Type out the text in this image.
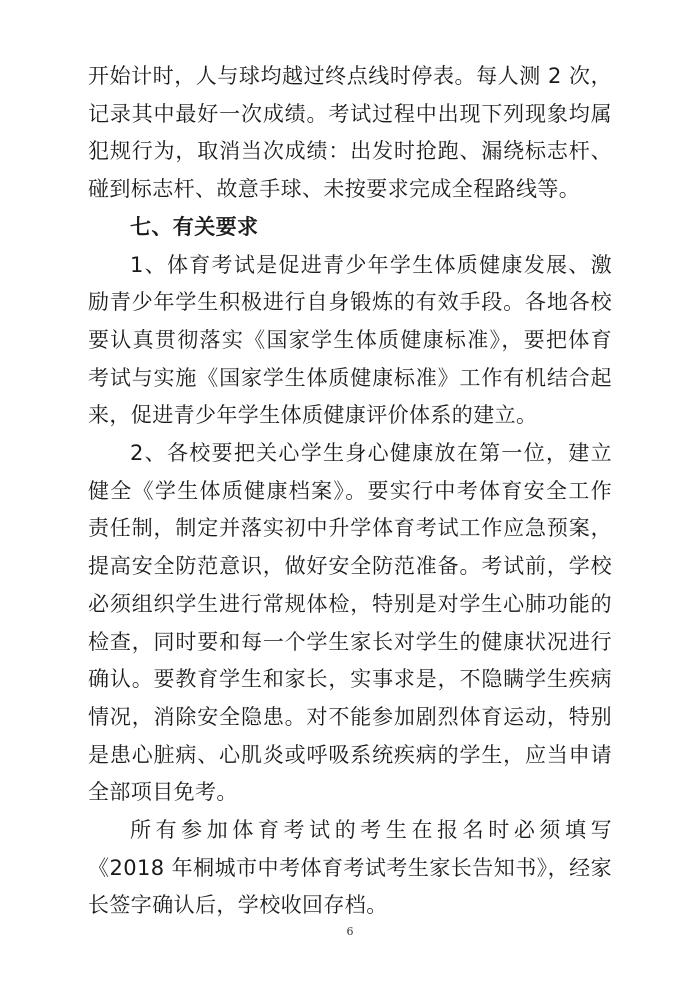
开始计时，人与球均越过终点线时停表。每人测 2 次，记录其中最好一次成绩。考试过程中出现下列现象均属犯规行为，取消当次成绩：出发时抢跑、漏绕标志杆、碰到标志杆、故意手球、未按要求完成全程路线等。

七、有关要求

1、体育考试是促进青少年学生体质健康发展、激励青少年学生积极进行自身锻炼的有效手段。各地各校要认真贯彻落实《国家学生体质健康标准》，要把体育考试与实施《国家学生体质健康标准》工作有机结合起来，促进青少年学生体质健康评价体系的建立。

2、各校要把关心学生身心健康放在第一位，建立健全《学生体质健康档案》。要实行中考体育安全工作责任制，制定并落实初中升学体育考试工作应急预案，提高安全防范意识，做好安全防范准备。考试前，学校必须组织学生进行常规体检，特别是对学生心肺功能的检查，同时要和每一个学生家长对学生的健康状况进行确认。要教育学生和家长，实事求是，不隐瞒学生疾病情况，消除安全隐患。对不能参加剧烈体育运动，特别是患心脏病、心肌炎或呼吸系统疾病的学生，应当申请全部项目免考。

所有参加体育考试的考生在报名时必须填写《2018 年桐城市中考体育考试考生家长告知书》，经家长签字确认后，学校收回存档。

6
